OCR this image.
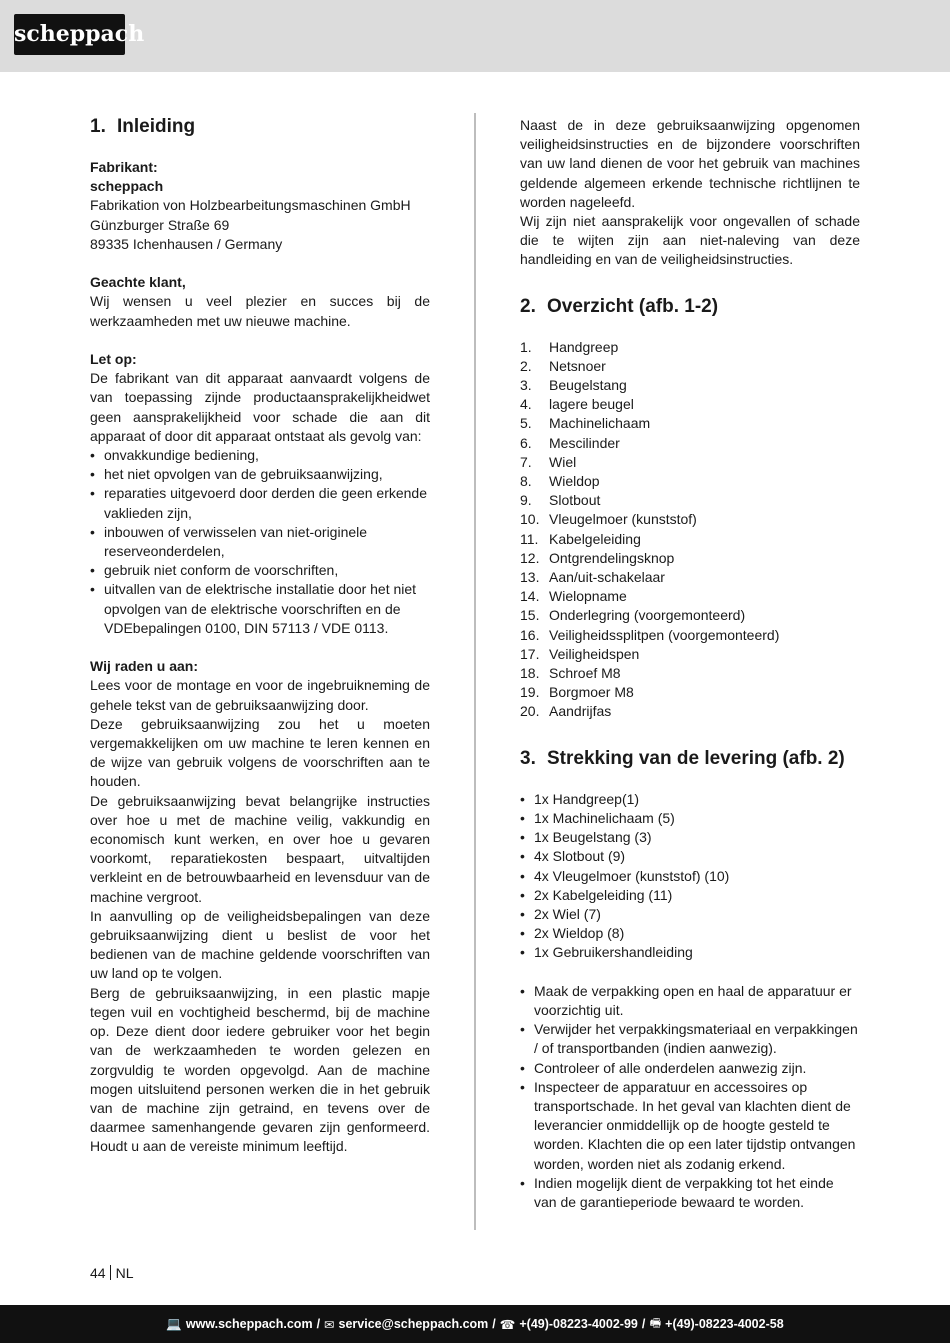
scheppach
1. Inleiding

Fabrikant:
scheppach
Fabrikation von Holzbearbeitungsmaschinen GmbH
Günzburger Straße 69
89335 Ichenhausen / Germany

Geachte klant,
Wij wensen u veel plezier en succes bij de werkzaamheden met uw nieuwe machine.

Let op:
De fabrikant van dit apparaat aanvaardt volgens de van toepassing zijnde productaansprakelijkheidwet geen aansprakelijkheid voor schade die aan dit apparaat of door dit apparaat ontstaat als gevolg van:

• onvakkundige bediening,
• het niet opvolgen van de gebruiksaanwijzing,
• reparaties uitgevoerd door derden die geen erkende vaklieden zijn,
• inbouwen of verwisselen van niet-originele reserveonderdelen,
• gebruik niet conform de voorschriften,
• uitvallen van de elektrische installatie door het niet opvolgen van de elektrische voorschriften en de VDEbepalingen 0100, DIN 57113 / VDE 0113.

Wij raden u aan:

Lees voor de montage en voor de ingebruikneming de gehele tekst van de gebruiksaanwijzing door.

Deze gebruiksaanwijzing zou het u moeten vergemakkelijken om uw machine te leren kennen en de wijze van gebruik volgens de voorschriften aan te houden.

De gebruiksaanwijzing bevat belangrijke instructies over hoe u met de machine veilig, vakkundig en economisch kunt werken, en over hoe u gevaren voorkomt, reparatiekosten bespaart, uitvaltijden verkleint en de betrouwbaarheid en levensduur van de machine vergroot.

In aanvulling op de veiligheidsbepalingen van deze gebruiksaanwijzing dient u beslist de voor het bedienen van de machine geldende voorschriften van uw land op te volgen.

Berg de gebruiksaanwijzing, in een plastic mapje tegen vuil en vochtigheid beschermd, bij de machine op. Deze dient door iedere gebruiker voor het begin van de werkzaamheden te worden gelezen en zorgvuldig te worden opgevolgd. Aan de machine mogen uitsluitend personen werken die in het gebruik van de machine zijn getraind, en tevens over de daarmee samenhangende gevaren zijn genformeerd. Houdt u aan de vereiste minimum leeftijd.

Naast de in deze gebruiksaanwijzing opgenomen veiligheidsinstructies en de bijzondere voorschriften van uw land dienen de voor het gebruik van machines geldende algemeen erkende technische richtlijnen te worden nageleefd.

Wij zijn niet aansprakelijk voor ongevallen of schade die te wijten zijn aan niet-naleving van deze handleiding en van de veiligheidsinstructies.

2. Overzicht (afb. 1-2)
1.	Handgreep
2.	Netsnoer
3.	Beugelstang
4.	lagere beugel
5.	Machinelichaam
6.	Mescilinder
7.	Wiel
8.	Wieldop
9.	Slotbout
10. Vleugelmoer (kunststof)
11. Kabelgeleiding
12. Ontgrendelingsknop
13. Aan/uit-schakelaar
14. Wielopname
15. Onderlegring (voorgemonteerd)
16. Veiligheidssplitpen (voorgemonteerd)
17. Veiligheidspen
18. Schroef M8
19. Borgmoer M8
20. Aandrijfas
3. Strekking van de levering (afb. 2)
• 1x Handgreep(1)
• 1x Machinelichaam (5)
• 1x Beugelstang (3)
• 4x Slotbout (9)
• 4x Vleugelmoer (kunststof) (10)
• 2x Kabelgeleiding (11)
• 2x Wiel (7)
• 2x Wieldop (8)
• 1x Gebruikershandleiding
• Maak de verpakking open en haal de apparatuur er voorzichtig uit.
• Verwijder het verpakkingsmateriaal en verpakkingen / of transportbanden (indien aanwezig).
• Controleer of alle onderdelen aanwezig zijn.
• Inspecteer de apparatuur en accessoires op transportschade. In het geval van klachten dient de leverancier onmiddellijk op de hoogte gesteld te worden. Klachten die op een later tijdstip ontvangen worden, worden niet als zodanig erkend.
• Indien mogelijk dient de verpakking tot het einde van de garantieperiode bewaard te worden.
44 NL
💻 www.scheppach.com / ✉ service@scheppach.com / ☎ +(49)-08223-4002-99 / 🖷 +(49)-08223-4002-58
